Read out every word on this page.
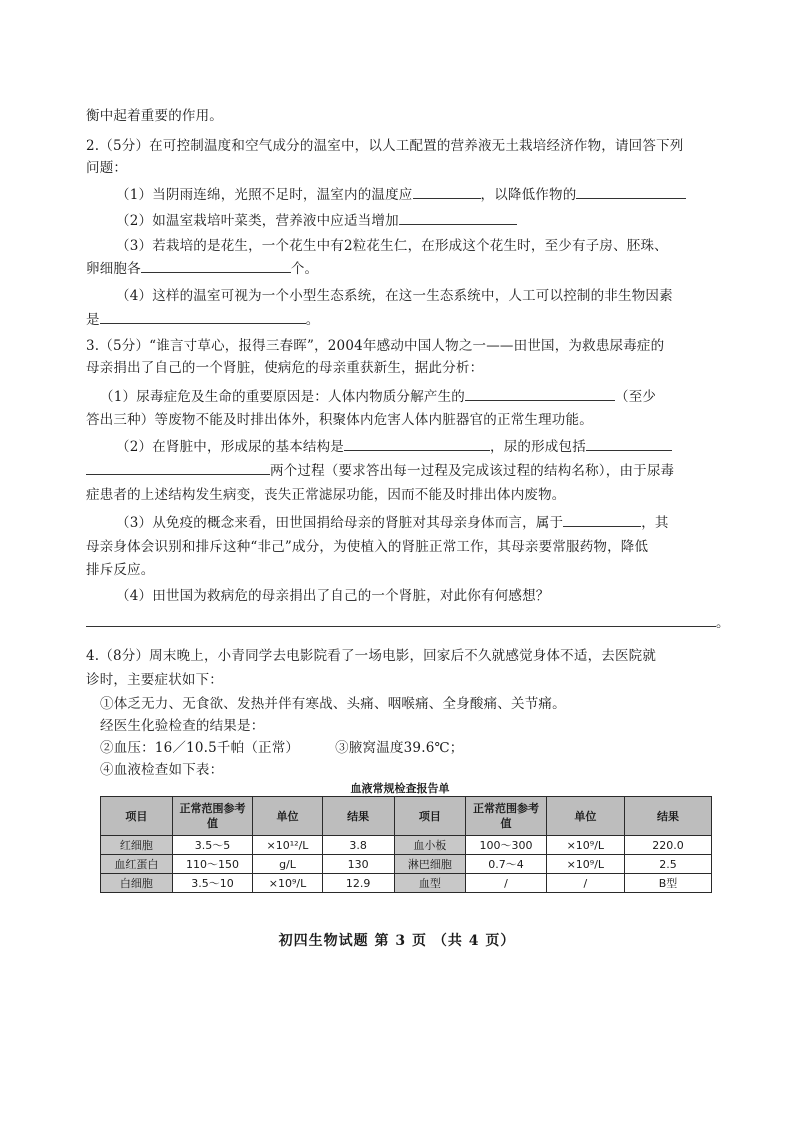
衡中起着重要的作用。
2.（5分）在可控制温度和空气成分的温室中，以人工配置的营养液无土栽培经济作物，请回答下列
问题：
（1）当阴雨连绵，光照不足时，温室内的温度应	，以降低作物的
（2）如温室栽培叶菜类，营养液中应适当增加
（3）若栽培的是花生，一个花生中有2粒花生仁，在形成这个花生时，至少有子房、胚珠、
卵细胞各	个。
（4）这样的温室可视为一个小型生态系统，在这一生态系统中，人工可以控制的非生物因素
是	。
3.（5分）“谁言寸草心，报得三春晖”，2004年感动中国人物之一——田世国，为救患尿毒症的
母亲捐出了自己的一个肾脏，使病危的母亲重获新生，据此分析：
（1）尿毒症危及生命的重要原因是：人体内物质分解产生的	（至少
答出三种）等废物不能及时排出体外，积聚体内危害人体内脏器官的正常生理功能。
（2）在肾脏中，形成尿的基本结构是	，尿的形成包括
两个过程（要求答出每一过程及完成该过程的结构名称），由于尿毒
症患者的上述结构发生病变，丧失正常滤尿功能，因而不能及时排出体内废物。
（3）从免疫的概念来看，田世国捐给母亲的肾脏对其母亲身体而言，属于	，其
母亲身体会识别和排斥这种“非己”成分，为使植入的肾脏正常工作，其母亲要常服药物，降低
排斥反应。
（4）田世国为救病危的母亲捐出了自己的一个肾脏，对此你有何感想？
。
4.（8分）周末晚上，小青同学去电影院看了一场电影，回家后不久就感觉身体不适，去医院就
诊时，主要症状如下：
①体乏无力、无食欲、发热并伴有寒战、头痛、咽喉痛、全身酸痛、关节痛。
经医生化验检查的结果是：
②血压：16／10.5千帕（正常）	③腋窝温度39.6℃；
④血液检查如下表：
血液常规检查报告单
项目	正常范围参考值	单位	结果	项目	正常范围参考值	单位	结果
红细胞	3.5～5	×10¹²/L	3.8	血小板	100～300	×10⁹/L	220.0
血红蛋白	110～150	g/L	130	淋巴细胞	0.7～4	×10⁹/L	2.5
白细胞	3.5～10	×10⁹/L	12.9	血型	/	/	B型
初四生物试题 第 3 页 （共 4 页）
